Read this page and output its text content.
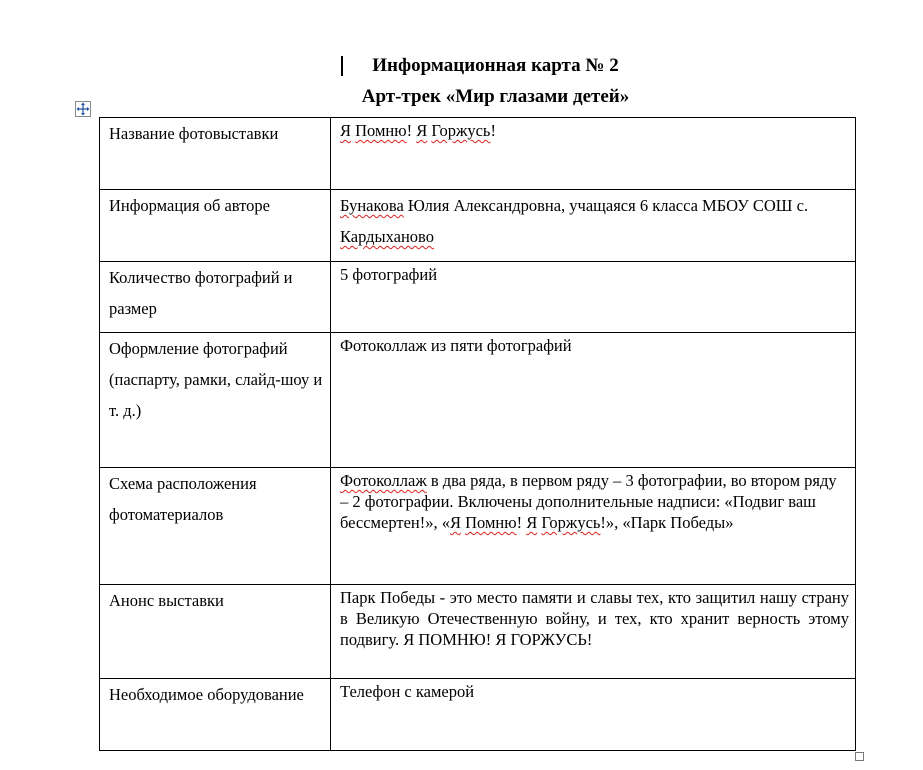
Информационная карта № 2
Арт-трек «Мир глазами детей»
Название фотовыставки	Я Помню! Я Горжусь!
Информация об авторе	Бунакова Юлия Александровна, учащаяся 6 класса МБОУ СОШ с. Кардыханово
Количество фотографий и размер	5 фотографий
Оформление фотографий (паспарту, рамки, слайд-шоу и т. д.)	Фотоколлаж из пяти фотографий
Схема расположения фотоматериалов	Фотоколлаж в два ряда, в первом ряду – 3 фотографии, во втором ряду – 2 фотографии. Включены дополнительные надписи: «Подвиг ваш бессмертен!», «Я Помню! Я Горжусь!», «Парк Победы»
Анонс выставки	Парк Победы - это место памяти и славы тех, кто защитил нашу страну в Великую Отечественную войну, и тех, кто хранит верность этому подвигу. Я ПОМНЮ! Я ГОРЖУСЬ!
Необходимое оборудование	Телефон с камерой
